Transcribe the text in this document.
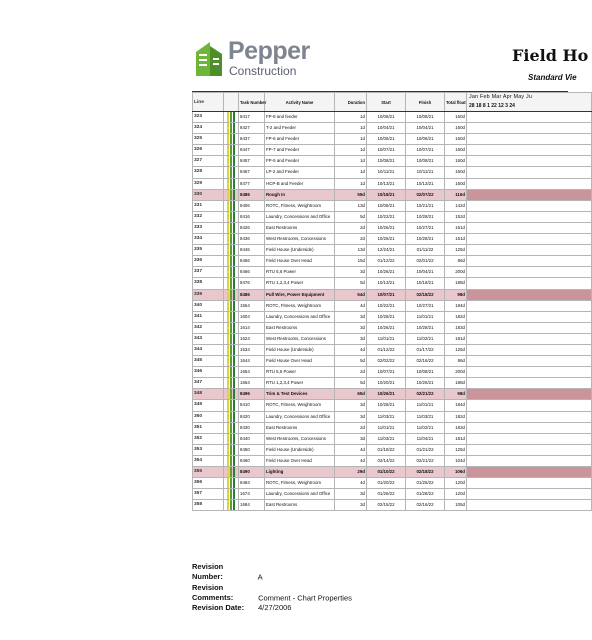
Pepper
Construction
Field Ho
Standard Vie
Line		Task Number	Activity Name	Duration	Start	Finish	Total float	Jan Feb Mar Apr May Ju
28 18 8 1 22 12 3 24

323		8417	FP-8 and feeder	1d	10/08/21	10/08/21	160d	
324		8427	T-2 and Feeder	1d	10/04/21	10/04/21	160d	
325		8437	FP-6 and Feeder	1d	10/06/21	10/06/21	160d	
326		8447	FP-7 and Feeder	1d	10/07/21	10/07/21	160d	
327		8457	FP-5 and Feeder	1d	10/08/21	10/08/21	160d	
328		8467	LP-2 and Feeder	1d	10/11/21	10/11/21	160d	
329		8477	HCP-B and Feeder	1d	10/13/21	10/13/21	160d	
330		8486	Rough In	55d	10/18/21	02/07/22	116d	
331		8406	ROTC, Fitness, Weightroom	13d	10/08/21	10/21/21	142d	
332		8416	Laundry, Concessions and Office	5d	10/22/21	10/28/21	152d	
333		8426	East Restrooms	2d	10/26/21	10/27/21	151d	
334		8436	West Restrooms, Concessions	2d	10/26/21	10/28/21	151d	
335		8446	Field House (Underside)	13d	12/24/21	01/11/22	125d	
336		8456	Field House Over Head	15d	01/12/22	02/01/22	86d	
337		8466	RTU 5,6 Power	3d	10/26/21	10/04/21	200d	
338		8476	RTU 1,2,3,4 Power	5d	10/13/21	10/18/21	188d	
339		8486	Pull Wire, Power Equipment	64d	10/07/21	02/18/22	98d	
340		1564	ROTC, Fitness, Weightroom	4d	10/22/21	10/27/21	184d	
341		1604	Laundry, Concessions and Office	3d	10/28/21	11/01/21	182d	
342		1614	East Restrooms	3d	10/26/21	10/28/21	183d	
343		1524	West Restrooms, Concessions	3d	11/01/21	11/02/21	181d	
344		1534	Field House (Underside)	4d	01/12/22	01/17/22	125d	
345		1644	Field House Over Head	5d	02/02/22	02/16/22	86d	
346		1654	RTU 5,6 Power	2d	10/07/21	10/08/21	200d	
347		1664	RTU 1,2,3,4 Power	5d	10/20/21	10/26/21	188d	
348		8496	Trim & Test Devices	65d	10/26/21	02/21/22	98d	
349		8410	ROTC, Fitness, Weightroom	3d	10/28/21	11/01/21	184d	
350		8420	Laundry, Concessions and Office	3d	11/03/21	11/03/21	182d	
351		8430	East Restrooms	2d	11/01/21	11/02/21	183d	
352		8440	West Restrooms, Concessions	3d	11/03/21	11/04/21	181d	
353		8450	Field House (Underside)	4d	01/18/22	01/21/22	125d	
354		8460	Field House Over Head	4d	02/14/22	02/21/22	104d	
355		8490	Lighting	29d	01/10/22	02/18/22	106d	
356		8484	ROTC, Fitness, Weightroom	4d	01/20/22	01/25/22	120d	
357		1674	Laundry, Concessions and Office	3d	01/26/22	01/28/22	120d	
358		1684	East Restrooms	3d	02/15/22	02/16/22	105d	
Revision Number:	A
Revision Comments:	Comment - Chart Properties
Revision Date: 4/27/2006
